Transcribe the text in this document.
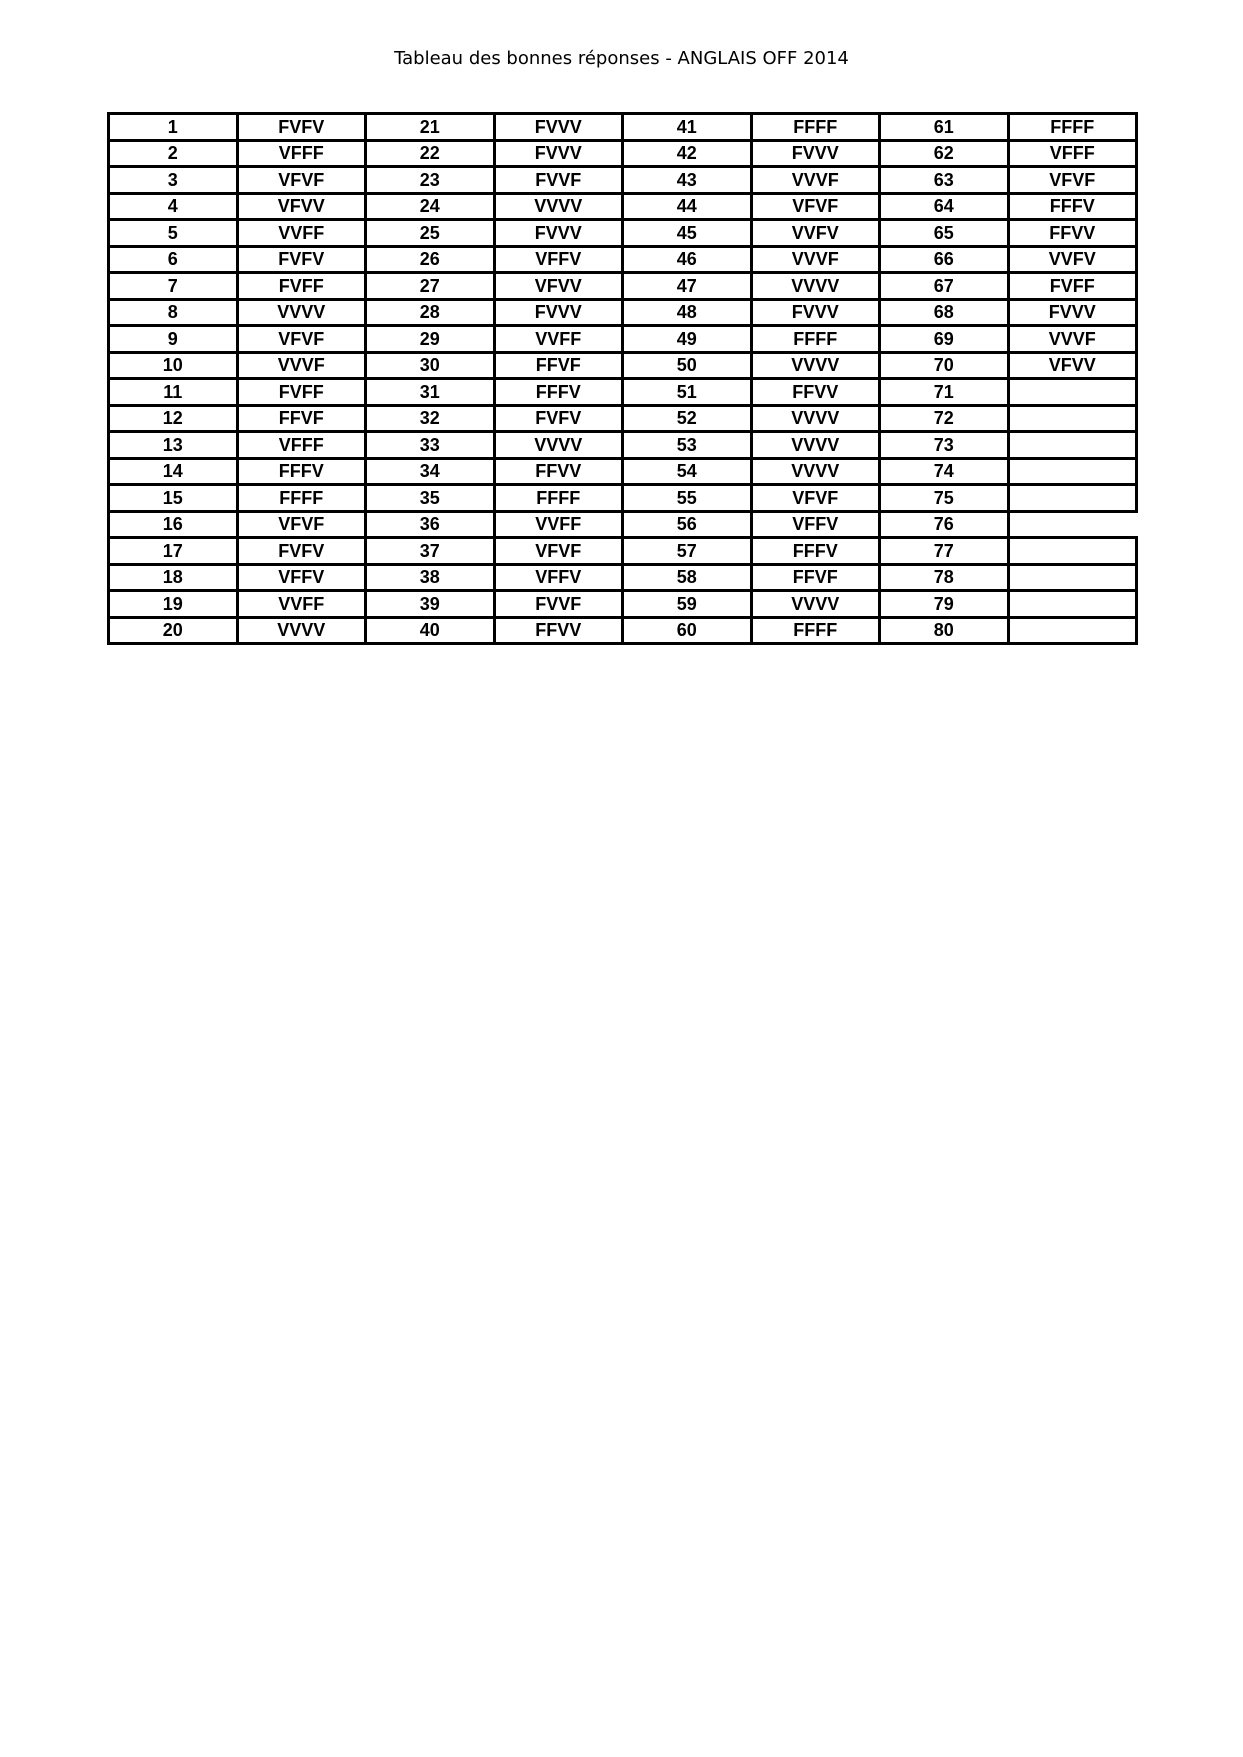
Tableau des bonnes réponses - ANGLAIS OFF 2014
1	FVFV	21	FVVV	41	FFFF	61	FFFF
2	VFFF	22	FVVV	42	FVVV	62	VFFF
3	VFVF	23	FVVF	43	VVVF	63	VFVF
4	VFVV	24	VVVV	44	VFVF	64	FFFV
5	VVFF	25	FVVV	45	VVFV	65	FFVV
6	FVFV	26	VFFV	46	VVVF	66	VVFV
7	FVFF	27	VFVV	47	VVVV	67	FVFF
8	VVVV	28	FVVV	48	FVVV	68	FVVV
9	VFVF	29	VVFF	49	FFFF	69	VVVF
10	VVVF	30	FFVF	50	VVVV	70	VFVV
11	FVFF	31	FFFV	51	FFVV	71	
12	FFVF	32	FVFV	52	VVVV	72	
13	VFFF	33	VVVV	53	VVVV	73	
14	FFFV	34	FFVV	54	VVVV	74	
15	FFFF	35	FFFF	55	VFVF	75	
16	VFVF	36	VVFF	56	VFFV	76	
17	FVFV	37	VFVF	57	FFFV	77	
18	VFFV	38	VFFV	58	FFVF	78	
19	VVFF	39	FVVF	59	VVVV	79	
20	VVVV	40	FFVV	60	FFFF	80	
